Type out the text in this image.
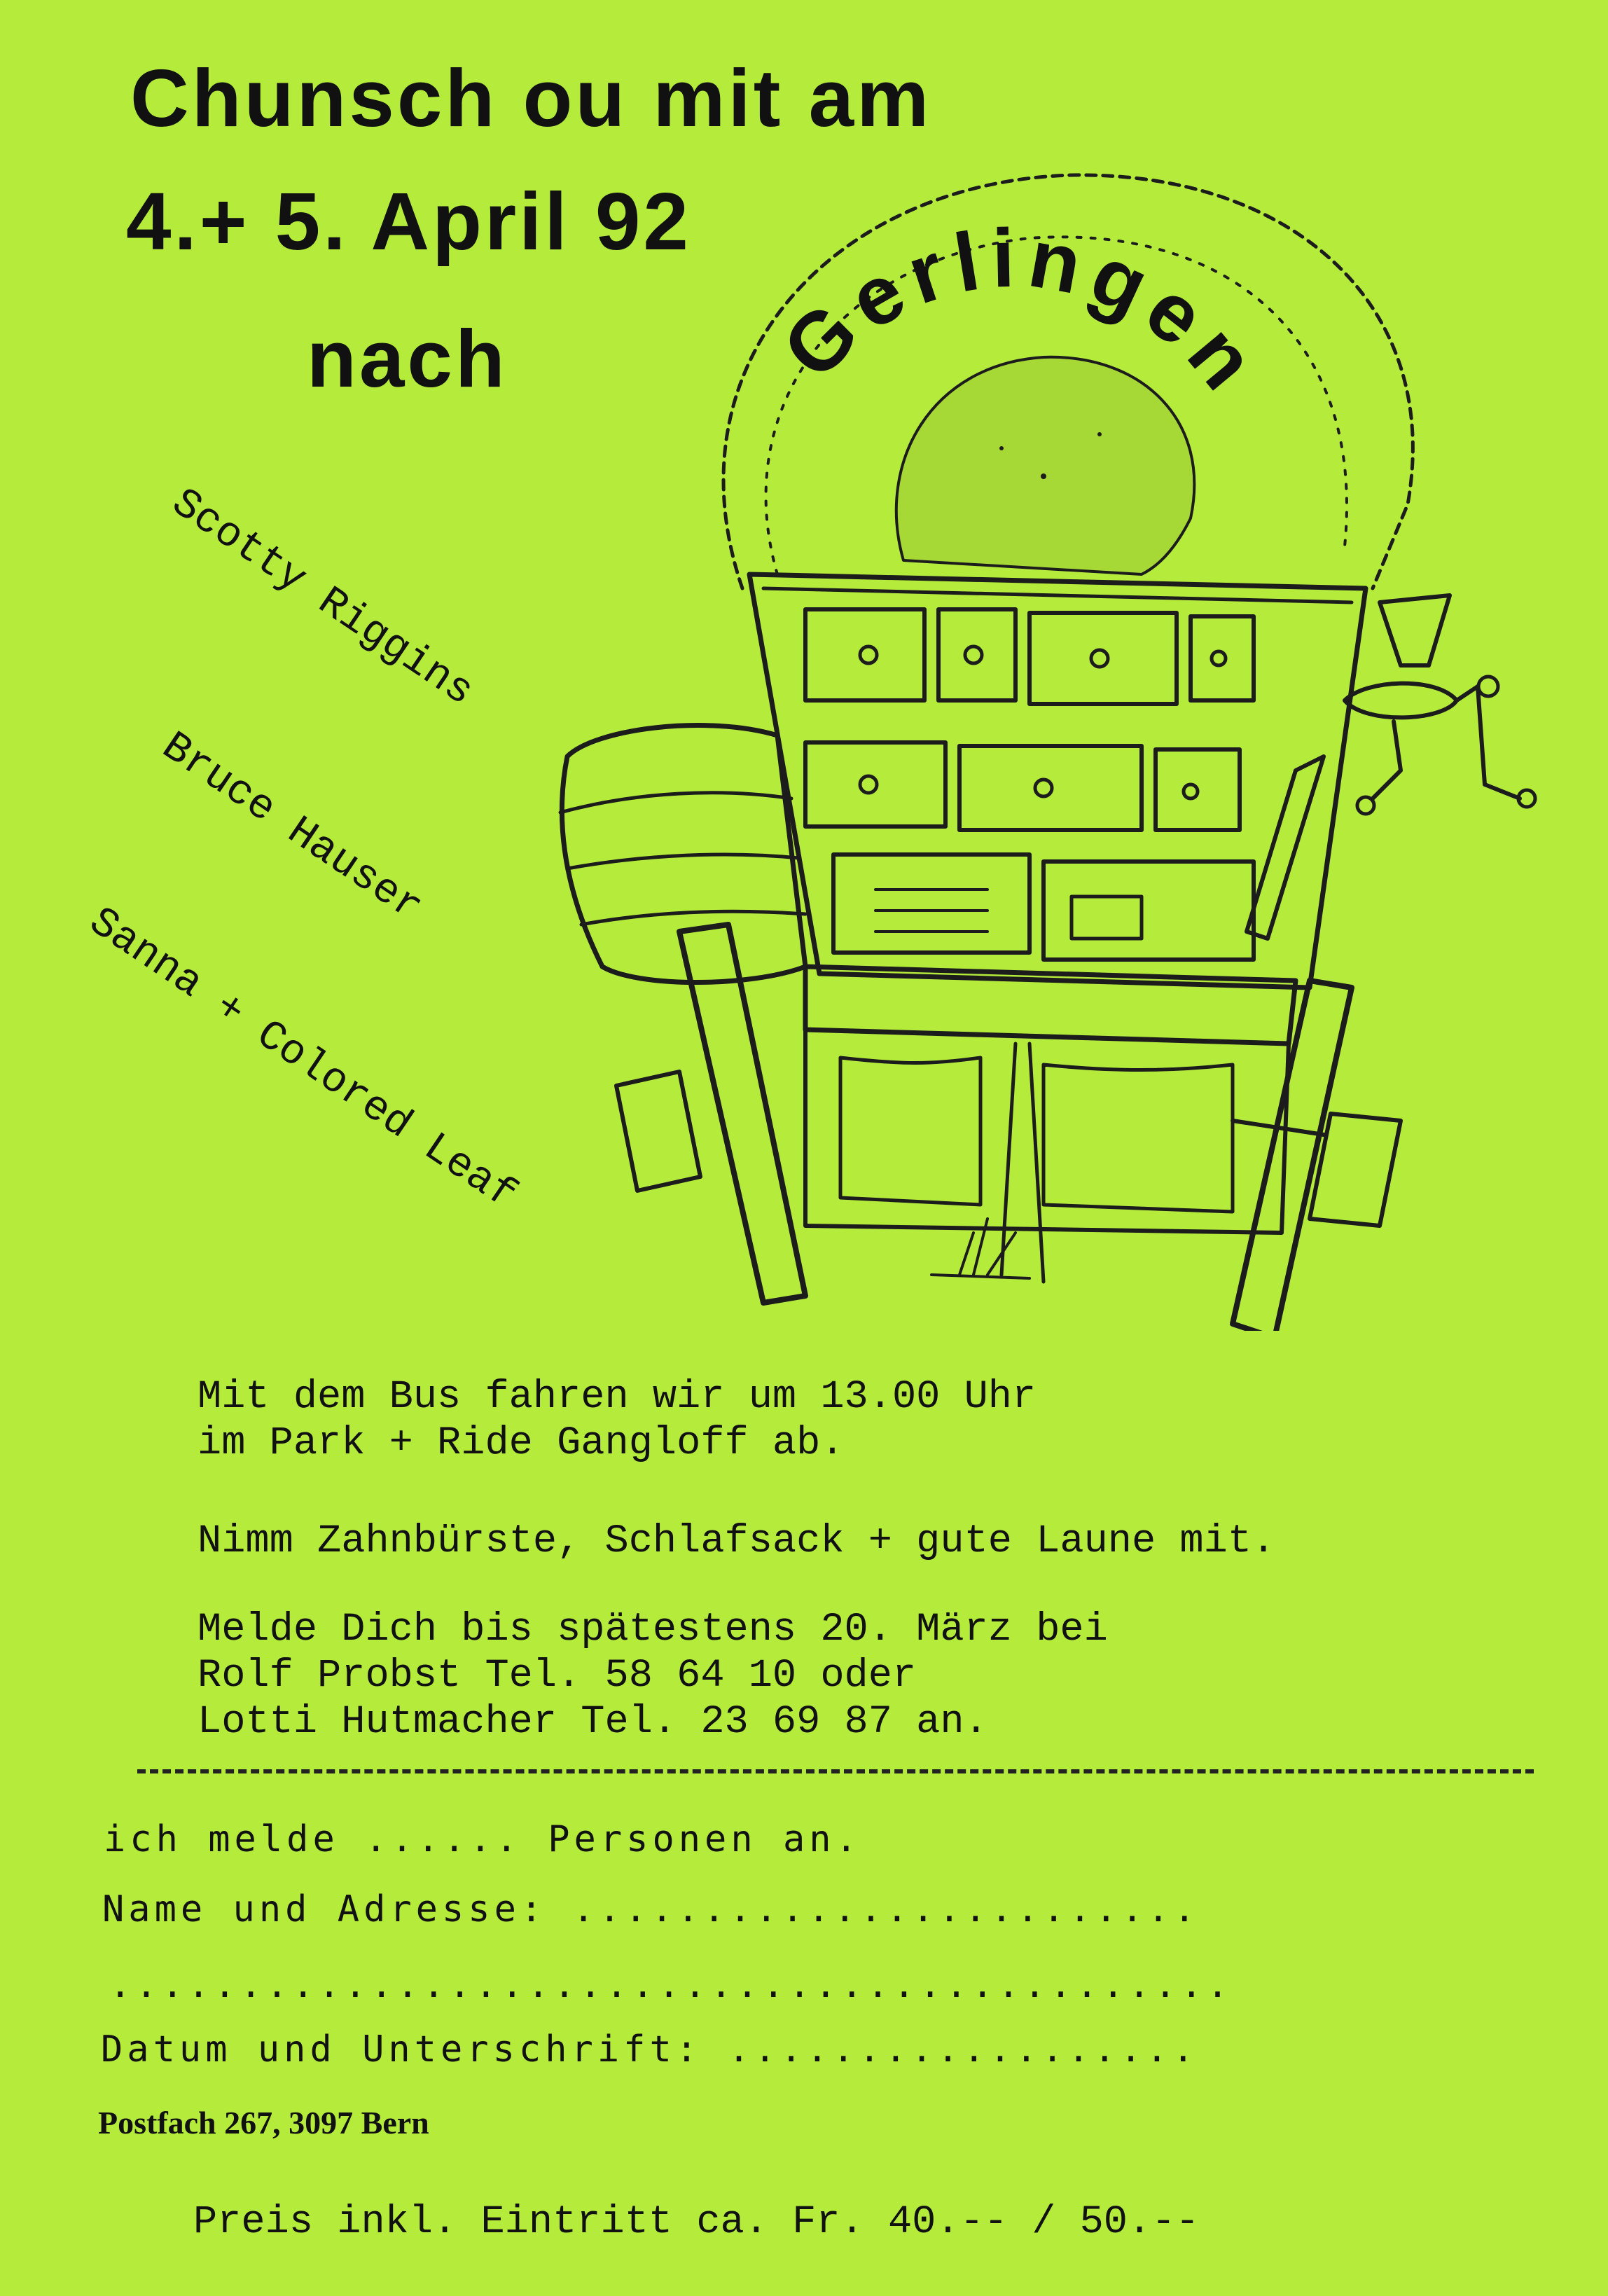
Chunsch ou mit am
4.+ 5. April 92
nach
Scotty Riggins
Bruce Hauser
Sanna + Colored Leaf
Gerlingen
Mit dem Bus fahren wir um 13.00 Uhr
im Park + Ride Gangloff ab.
Nimm Zahnbürste, Schlafsack + gute Laune mit.
Melde Dich bis spätestens 20. März bei
Rolf Probst Tel. 58 64 10 oder
Lotti Hutmacher Tel. 23 69 87 an.
ich melde ...... Personen an.
Name und Adresse: ........................
...........................................
Datum und Unterschrift: ..................
Postfach 267, 3097 Bern
Preis inkl. Eintritt ca. Fr. 40.-- / 50.--
